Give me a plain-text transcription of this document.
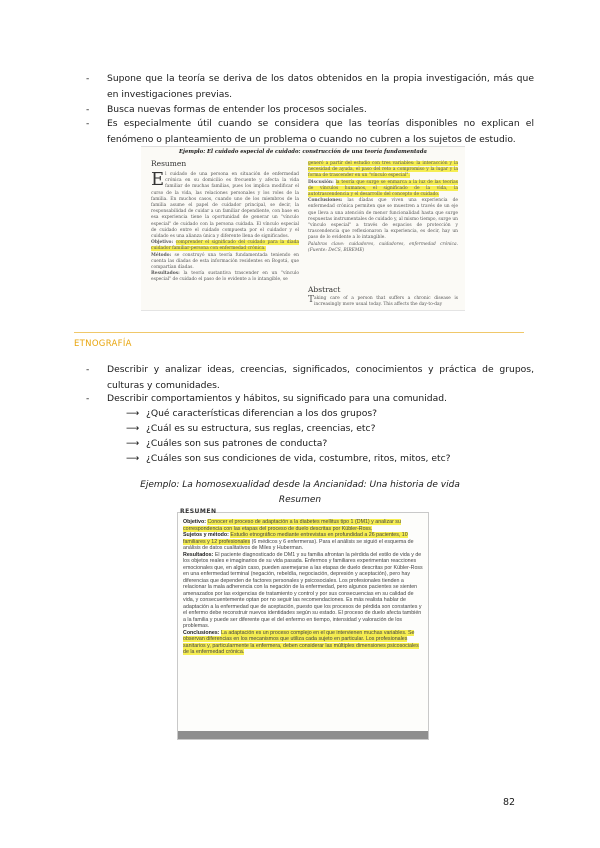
- Supone que la teoría se deriva de los datos obtenidos en la propia investigación, más que en investigaciones previas.
- Busca nuevas formas de entender los procesos sociales.
- Es especialmente útil cuando se considera que las teorías disponibles no explican el fenómeno o planteamiento de un problema o cuando no cubren a los sujetos de estudio.
Ejemplo: El cuidado especial de cuidado: construcción de una teoría fundamentada
Resumen
El cuidado de una persona en situación de enfermedad crónica en su domicilio es frecuente y afecta la vida familiar de muchas familias, pues los implica modificar el curso de la vida, las relaciones personales y los roles de la familia. En muchos casos, cuando uno de los miembros de la familia asume el papel de cuidador principal, se decir, la responsabilidad de cuidar a un familiar dependiente, con base en esa experiencia tiene la oportunidad de generar un "vínculo especial" de cuidado con la persona cuidada. El vínculo especial de cuidado entre el cuidado compuesta por el cuidador y el cuidado es una alianza única y diferente llena de significados.
Objetivo: comprender el significado del cuidado para la díada cuidador familiar-persona con enfermedad crónica.
Método: se construyó una teoría fundamentada teniendo en cuenta las díadas de esta información residentes en Bogotá, que compartían díadas.
Resultados: la teoría sustantiva trascender en un "vínculo especial" de cuidado el paso de lo evidente a lo intangible, se
generó a partir del estudio con tres variables: la interacción y la necesidad de ayuda, el paso del reto a compromiso y la lugar y la forma de trascender en un "vínculo especial".
Discusión: la teoría que surge se enmarca a la luz de las teorías de vínculos humanos, el significado de la vida, la autotrascendencia y el desarrollo del concepto de cuidado.
Conclusiones: las díadas que viven una experiencia de enfermedad crónica permiten que se muestren a través de un eje que lleva a una atención de menor funcionalidad hasta que surge respuestas instrumentales de cuidado y, al mismo tiempo, surge un "vínculo especial" a través de espacios de protección y trascendencia que reflexionaron la experiencia, es decir, hay un paso de lo evidente a lo intangible.
Palabras clave: cuidadores, cuidadores, enfermedad crónica. (Fuente: DeCS, BIREME)
Abstract
Taking care of a person that suffers a chronic disease is increasingly more usual today. This affects the day-to-day
ETNOGRAFÍA
- Describir y analizar ideas, creencias, significados, conocimientos y práctica de grupos, culturas y comunidades.
- Describir comportamientos y hábitos, su significado para una comunidad.
⟶ ¿Qué características diferencian a los dos grupos?
⟶ ¿Cuál es su estructura, sus reglas, creencias, etc?
⟶ ¿Cuáles son sus patrones de conducta?
⟶ ¿Cuáles son sus condiciones de vida, costumbre, ritos, mitos, etc?
Ejemplo: La homosexualidad desde la Ancianidad: Una historia de vida
Resumen
RESUMEN
Objetivo: Conocer el proceso de adaptación a la diabetes mellitus tipo 1 (DM1) y analizar su correspondencia con las etapas del proceso de duelo descritas por Kübler-Ross.
Sujetos y método: Estudio etnográfico mediante entrevistas en profundidad a 26 pacientes, 10 familiares y 12 profesionales (6 médicos y 6 enfermeras). Para el análisis se siguió el esquema de análisis de datos cualitativos de Miles y Huberman.
Resultados: El paciente diagnosticado de DM1 y su familia afrontan la pérdida del estilo de vida y de los objetos reales e imaginarios de su vida pasada. Enfermos y familiares experimentan reacciones emocionales que, en algún caso, pueden asemejarse a las etapas de duelo descritas por Kübler-Ross en una enfermedad terminal (negación, rebeldía, negociación, depresión y aceptación), pero hay diferencias que dependen de factores personales y psicosociales. Los profesionales tienden a relacionar la mala adherencia con la negación de la enfermedad, pero algunos pacientes se sienten amenazados por las exigencias de tratamiento y control y por sus consecuencias en su calidad de vida, y consecuentemente optan por no seguir las recomendaciones. Es más realista hablar de adaptación a la enfermedad que de aceptación, puesto que los procesos de pérdida son constantes y el enfermo debe reconstruir nuevos identidades según su estado. El proceso de duelo afecta también a la familia y puede ser diferente que el del enfermo en tiempo, intensidad y valoración de los problemas.
Conclusiones: La adaptación es un proceso complejo en el que intervienen muchas variables. Se observan diferencias en los mecanismos que utiliza cada sujeto en particular. Los profesionales sanitarios y, particularmente la enfermera, deben considerar las múltiples dimensiones psicosociales de la enfermedad crónica.
82
